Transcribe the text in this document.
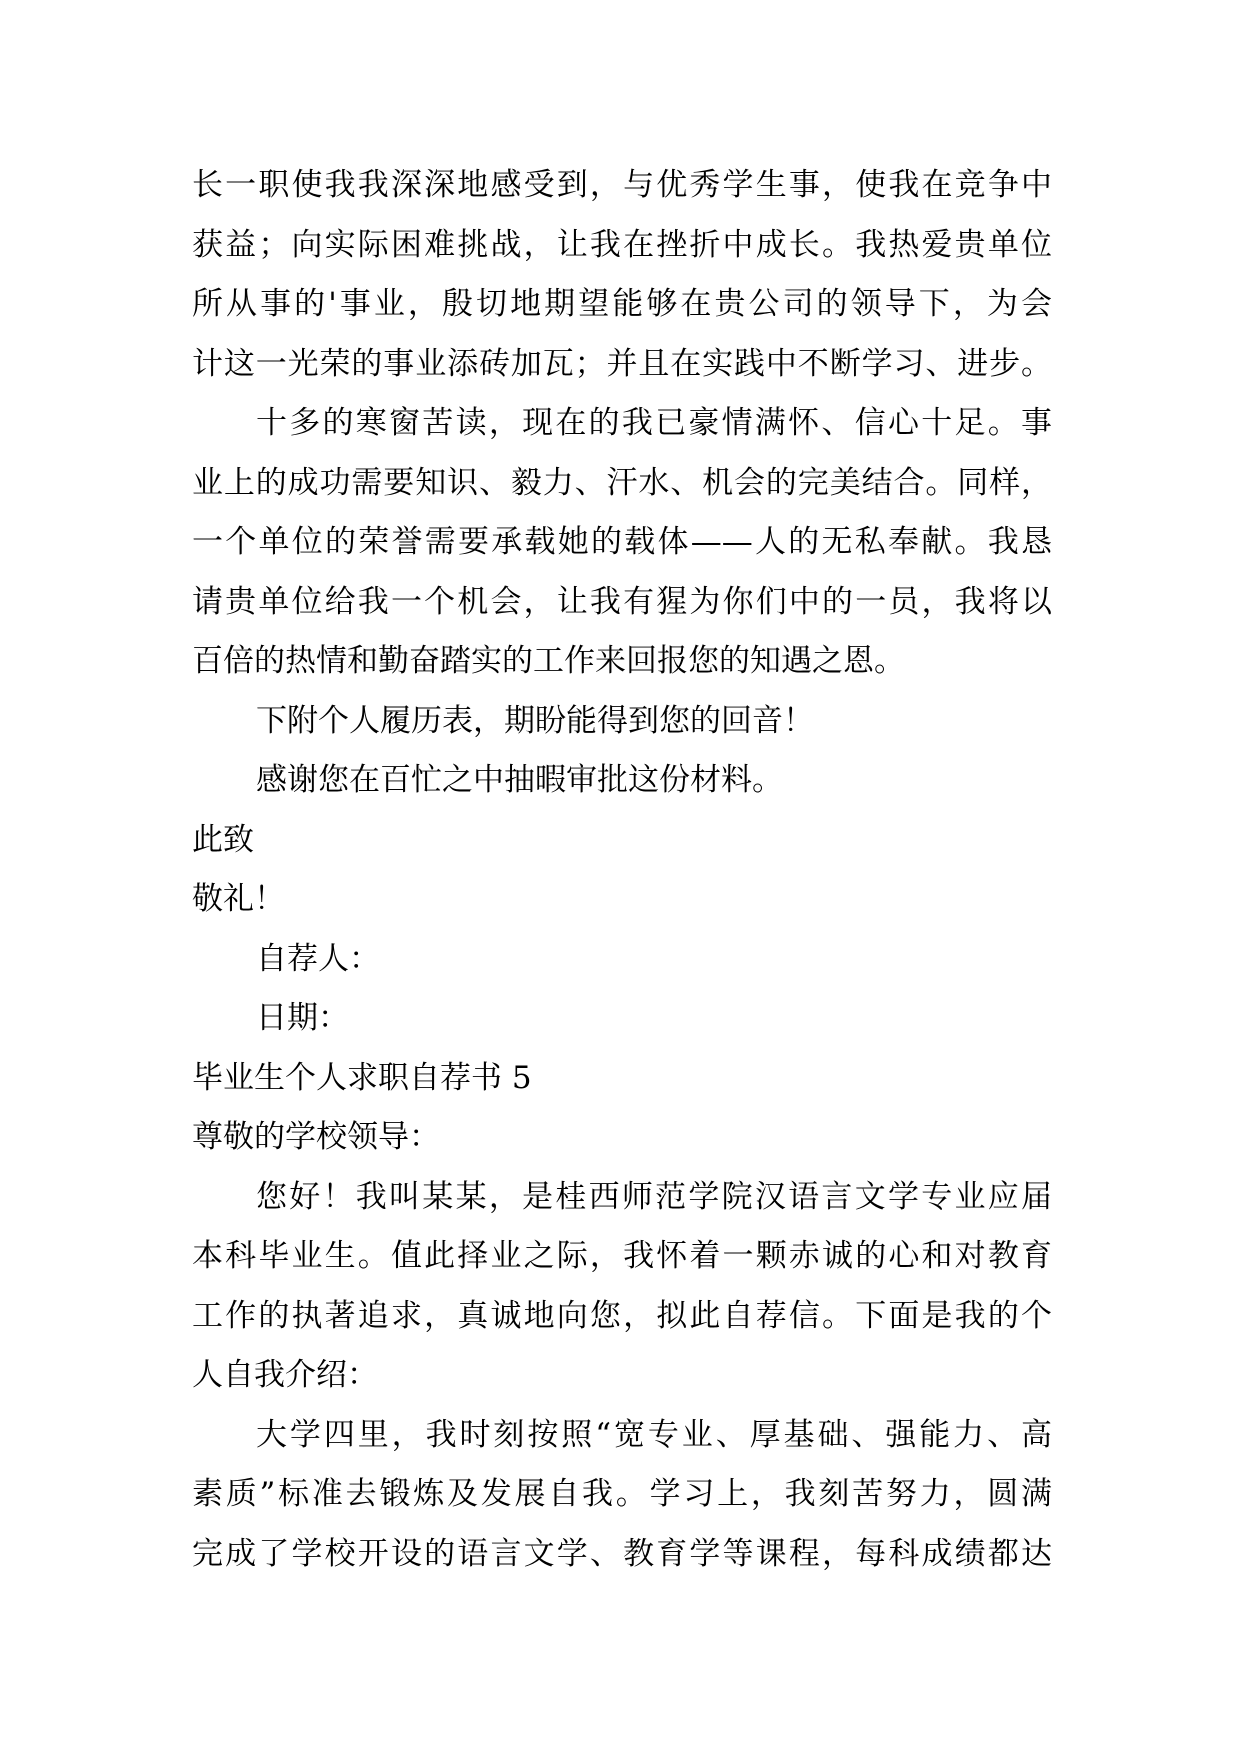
长一职使我我深深地感受到，与优秀学生事，使我在竞争中
获益；向实际困难挑战，让我在挫折中成长。我热爱贵单位
所从事的'事业，殷切地期望能够在贵公司的领导下，为会
计这一光荣的事业添砖加瓦；并且在实践中不断学习、进步。
十多的寒窗苦读，现在的我已豪情满怀、信心十足。事
业上的成功需要知识、毅力、汗水、机会的完美结合。同样，
一个单位的荣誉需要承载她的载体——人的无私奉献。我恳
请贵单位给我一个机会，让我有猩为你们中的一员，我将以
百倍的热情和勤奋踏实的工作来回报您的知遇之恩。
下附个人履历表，期盼能得到您的回音！
感谢您在百忙之中抽暇审批这份材料。
此致
敬礼！
自荐人：
日期：
毕业生个人求职自荐书 5
尊敬的学校领导：
您好！我叫某某，是桂西师范学院汉语言文学专业应届
本科毕业生。值此择业之际，我怀着一颗赤诚的心和对教育
工作的执著追求，真诚地向您，拟此自荐信。下面是我的个
人自我介绍：
大学四里，我时刻按照“宽专业、厚基础、强能力、高
素质”标准去锻炼及发展自我。学习上，我刻苦努力，圆满
完成了学校开设的语言文学、教育学等课程，每科成绩都达
